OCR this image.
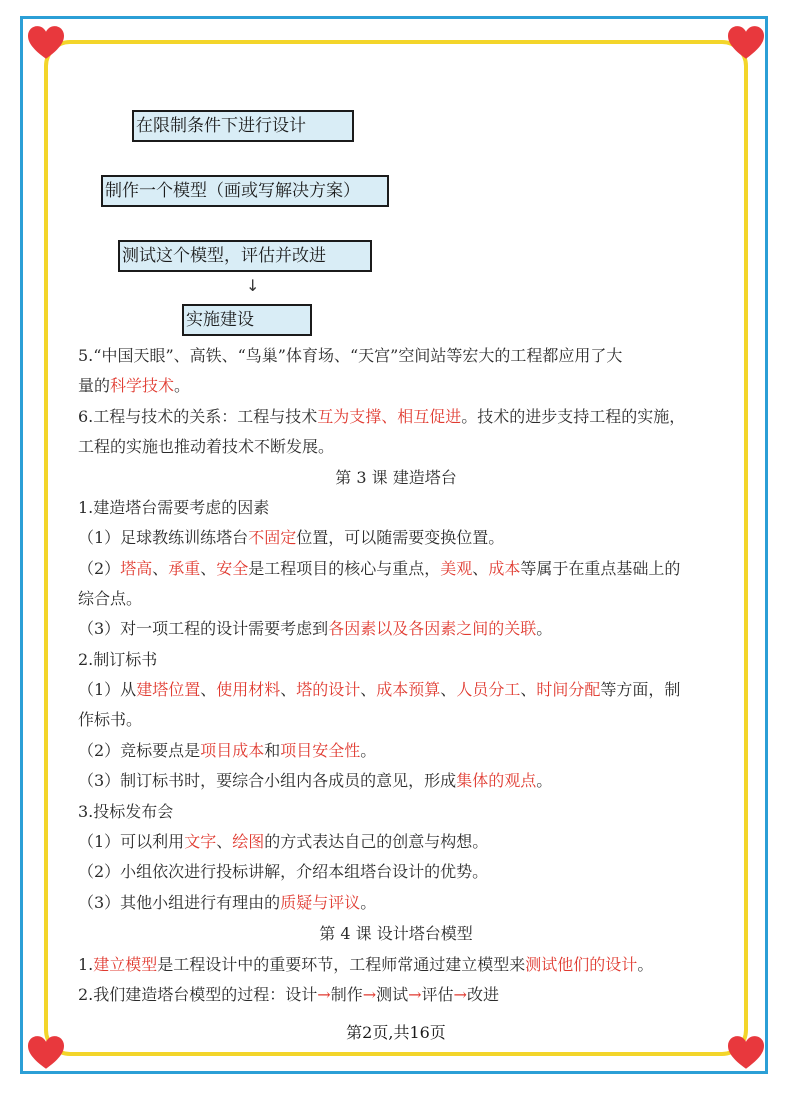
在限制条件下进行设计
制作一个模型（画或写解决方案）
测试这个模型，评估并改进
↓
实施建设
5.“中国天眼”、高铁、“鸟巢”体育场、“天宫”空间站等宏大的工程都应用了大
量的科学技术。
6.工程与技术的关系：工程与技术互为支撑、相互促进。技术的进步支持工程的实施，
工程的实施也推动着技术不断发展。
第 3 课 建造塔台
1.建造塔台需要考虑的因素
（1）足球教练训练塔台不固定位置，可以随需要变换位置。
（2）塔高、承重、安全是工程项目的核心与重点，美观、成本等属于在重点基础上的
综合点。
（3）对一项工程的设计需要考虑到各因素以及各因素之间的关联。
2.制订标书
（1）从建塔位置、使用材料、塔的设计、成本预算、人员分工、时间分配等方面，制
作标书。
（2）竞标要点是项目成本和项目安全性。
（3）制订标书时，要综合小组内各成员的意见，形成集体的观点。
3.投标发布会
（1）可以利用文字、绘图的方式表达自己的创意与构想。
（2）小组依次进行投标讲解，介绍本组塔台设计的优势。
（3）其他小组进行有理由的质疑与评议。
第 4 课 设计塔台模型
1.建立模型是工程设计中的重要环节，工程师常通过建立模型来测试他们的设计。
2.我们建造塔台模型的过程：设计→制作→测试→评估→改进
第2页,共16页
